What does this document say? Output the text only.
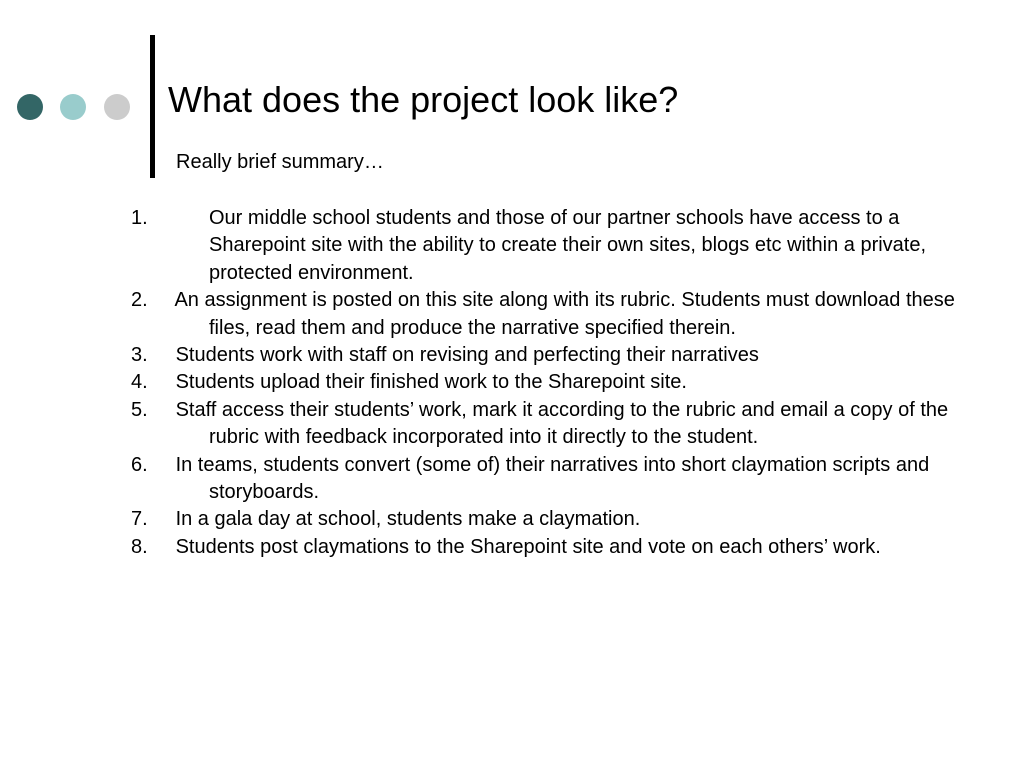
What does the project look like?

Really brief summary…

1.	Our middle school students and those of our partner schools have access to a Sharepoint site with the ability to create their own sites, blogs etc within a private, protected environment.
2. An assignment is posted on this site along with its rubric. Students must download these files, read them and produce the narrative specified therein.
3. Students work with staff on revising and perfecting their narratives
4. Students upload their finished work to the Sharepoint site.
5. Staff access their students’ work, mark it according to the rubric and email a copy of the rubric with feedback incorporated into it directly to the student.
6. In teams, students convert (some of) their narratives into short claymation scripts and storyboards.
7. In a gala day at school, students make a claymation.
8. Students post claymations to the Sharepoint site and vote on each others’ work.
